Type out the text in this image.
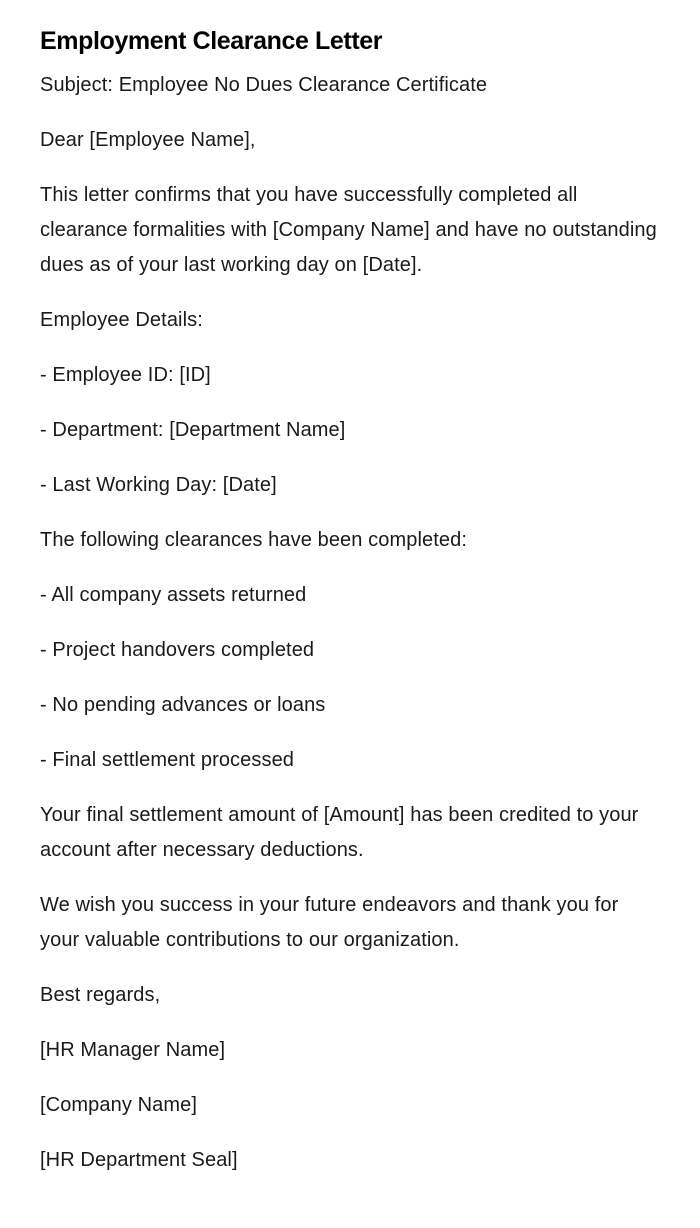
Employment Clearance Letter

Subject: Employee No Dues Clearance Certificate

Dear [Employee Name],

This letter confirms that you have successfully completed all clearance formalities with [Company Name] and have no outstanding dues as of your last working day on [Date].

Employee Details:

- Employee ID: [ID]

- Department: [Department Name]

- Last Working Day: [Date]

The following clearances have been completed:

- All company assets returned

- Project handovers completed

- No pending advances or loans

- Final settlement processed

Your final settlement amount of [Amount] has been credited to your account after necessary deductions.

We wish you success in your future endeavors and thank you for your valuable contributions to our organization.

Best regards,

[HR Manager Name]

[Company Name]

[HR Department Seal]
